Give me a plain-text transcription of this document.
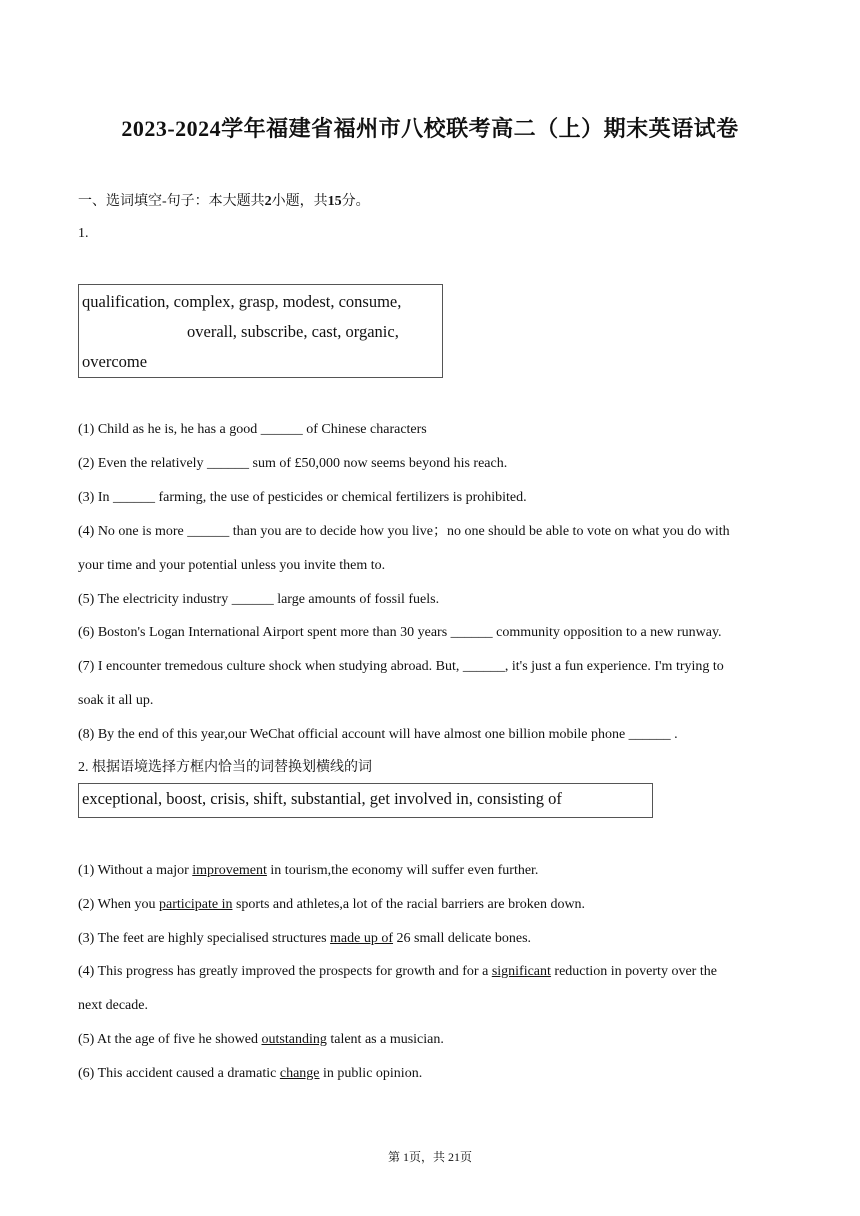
2023-2024学年福建省福州市八校联考高二（上）期末英语试卷
一、选词填空-句子：本大题共2小题，共15分。
1.
qualification, complex, grasp, modest, consume,
overall, subscribe, cast, organic,
overcome
(1) Child as he is, he has a good ______ of Chinese characters
(2) Even the relatively ______ sum of £50,000 now seems beyond his reach.
(3) In ______ farming, the use of pesticides or chemical fertilizers is prohibited.
(4) No one is more ______ than you are to decide how you live；no one should be able to vote on what you do with
your time and your potential unless you invite them to.
(5) The electricity industry ______ large amounts of fossil fuels.
(6) Boston's Logan International Airport spent more than 30 years ______ community opposition to a new runway.
(7) I encounter tremedous culture shock when studying abroad. But, ______, it's just a fun experience. I'm trying to
soak it all up.
(8) By the end of this year,our WeChat official account will have almost one billion mobile phone ______ .
2. 根据语境选择方框内恰当的词替换划横线的词
exceptional, boost, crisis, shift, substantial, get involved in, consisting of
(1) Without a major improvement in tourism,the economy will suffer even further.
(2) When you participate in sports and athletes,a lot of the racial barriers are broken down.
(3) The feet are highly specialised structures made up of 26 small delicate bones.
(4) This progress has greatly improved the prospects for growth and for a significant reduction in poverty over the
next decade.
(5) At the age of five he showed outstanding talent as a musician.
(6) This accident caused a dramatic change in public opinion.
第 1页，共 21页
